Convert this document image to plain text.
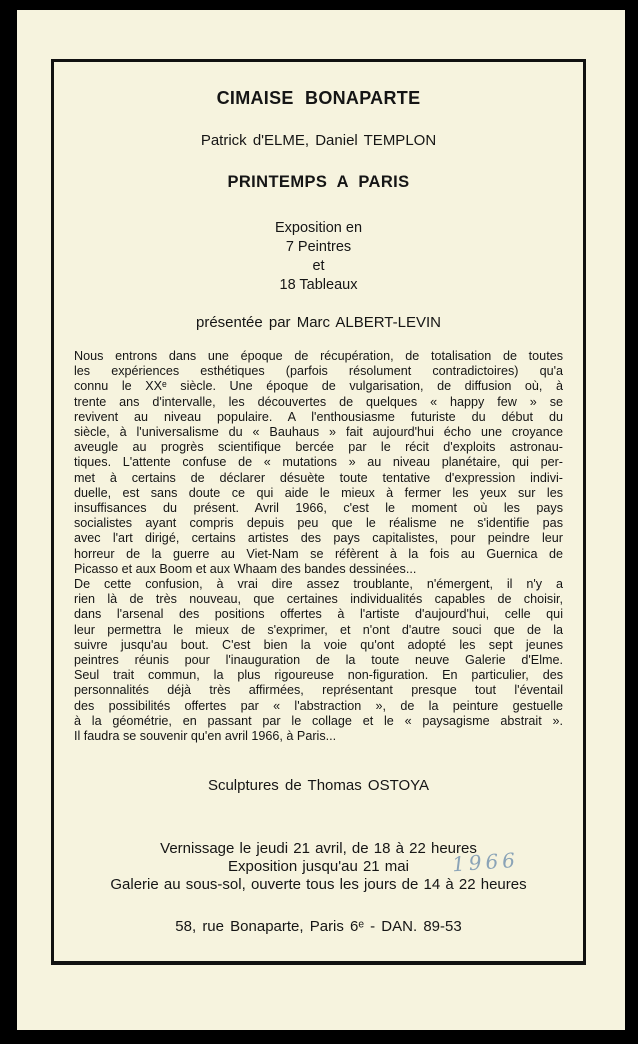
CIMAISE BONAPARTE
Patrick d'ELME, Daniel TEMPLON
PRINTEMPS A PARIS
Exposition en
7 Peintres
et
18 Tableaux
présentée par Marc ALBERT-LEVIN
Nous entrons dans une époque de récupération, de totalisation de toutes
les expériences esthétiques (parfois résolument contradictoires) qu'a
connu le XXᵉ siècle. Une époque de vulgarisation, de diffusion où, à
trente ans d'intervalle, les découvertes de quelques « happy few » se
revivent au niveau populaire. A l'enthousiasme futuriste du début du
siècle, à l'universalisme du « Bauhaus » fait aujourd'hui écho une croyance
aveugle au progrès scientifique bercée par le récit d'exploits astronau-
tiques. L'attente confuse de « mutations » au niveau planétaire, qui per-
met à certains de déclarer désuète toute tentative d'expression indivi-
duelle, est sans doute ce qui aide le mieux à fermer les yeux sur les
insuffisances du présent. Avril 1966, c'est le moment où les pays
socialistes ayant compris depuis peu que le réalisme ne s'identifie pas
avec l'art dirigé, certains artistes des pays capitalistes, pour peindre leur
horreur de la guerre au Viet-Nam se réfèrent à la fois au Guernica de
Picasso et aux Boom et aux Whaam des bandes dessinées...
De cette confusion, à vrai dire assez troublante, n'émergent, il n'y a
rien là de très nouveau, que certaines individualités capables de choisir,
dans l'arsenal des positions offertes à l'artiste d'aujourd'hui, celle qui
leur permettra le mieux de s'exprimer, et n'ont d'autre souci que de la
suivre jusqu'au bout. C'est bien la voie qu'ont adopté les sept jeunes
peintres réunis pour l'inauguration de la toute neuve Galerie d'Elme.
Seul trait commun, la plus rigoureuse non-figuration. En particulier, des
personnalités déjà très affirmées, représentant presque tout l'éventail
des possibilités offertes par « l'abstraction », de la peinture gestuelle
à la géométrie, en passant par le collage et le « paysagisme abstrait ».
Il faudra se souvenir qu'en avril 1966, à Paris...
Sculptures de Thomas OSTOYA
Vernissage le jeudi 21 avril, de 18 à 22 heures
Exposition jusqu'au 21 mai
Galerie au sous-sol, ouverte tous les jours de 14 à 22 heures
1966
58, rue Bonaparte, Paris 6ᵉ - DAN. 89-53
